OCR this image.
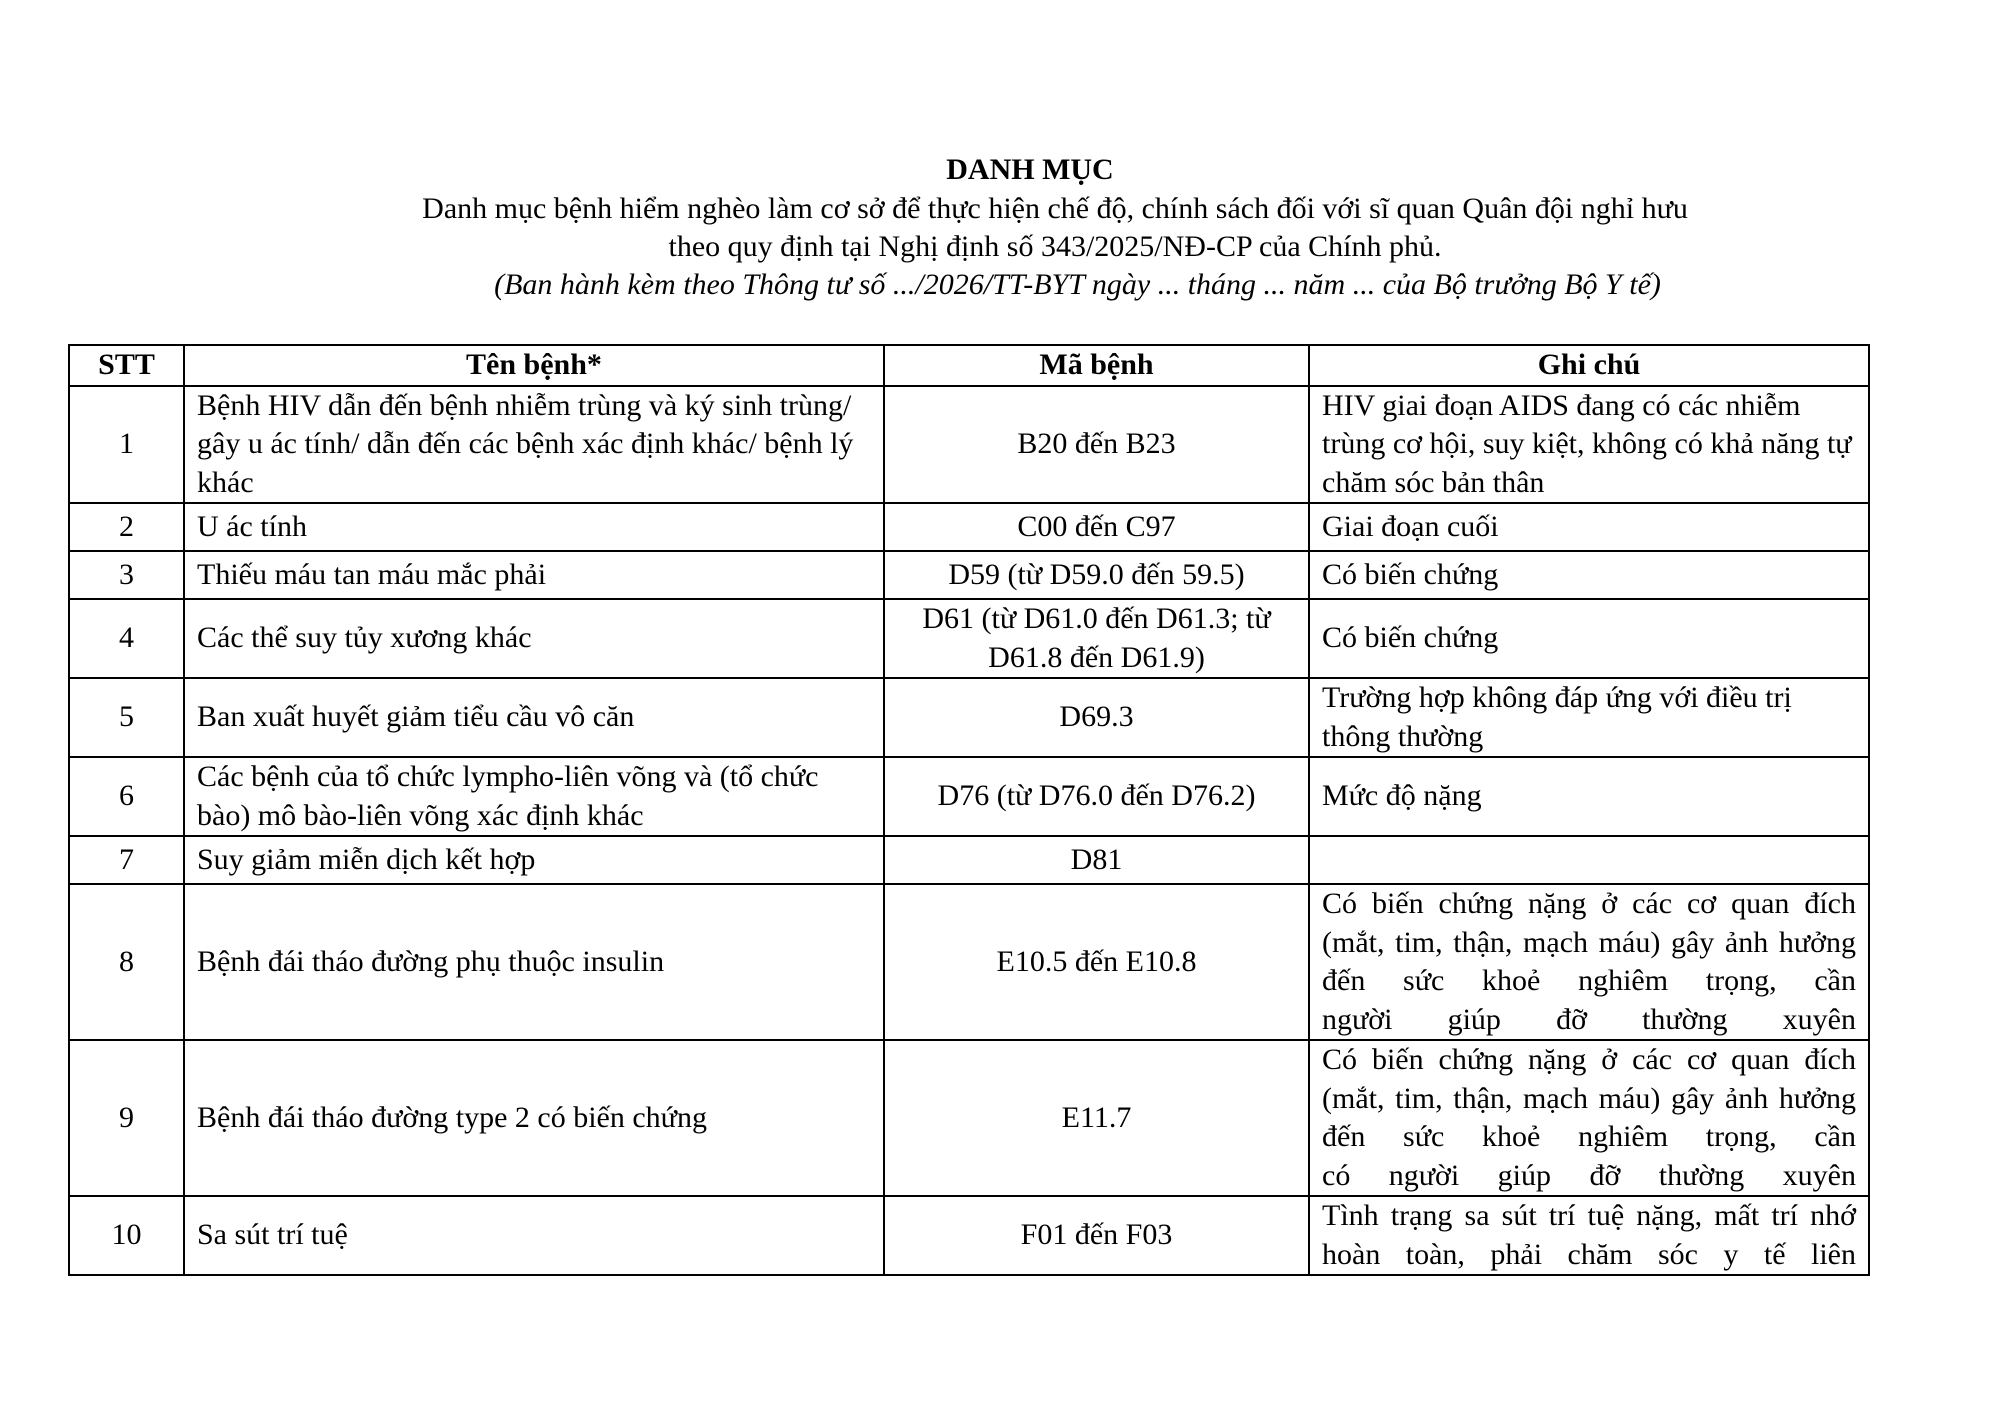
DANH MỤC
Danh mục bệnh hiểm nghèo làm cơ sở để thực hiện chế độ, chính sách đối với sĩ quan Quân đội nghỉ hưu
theo quy định tại Nghị định số 343/2025/NĐ-CP của Chính phủ.
(Ban hành kèm theo Thông tư số .../2026/TT-BYT ngày ... tháng ... năm ... của Bộ trưởng Bộ Y tế)
STT	Tên bệnh*	Mã bệnh	Ghi chú
1	Bệnh HIV dẫn đến bệnh nhiễm trùng và ký sinh trùng/ gây u ác tính/ dẫn đến các bệnh xác định khác/ bệnh lý khác	B20 đến B23	HIV giai đoạn AIDS đang có các nhiễm trùng cơ hội, suy kiệt, không có khả năng tự chăm sóc bản thân
2	U ác tính	C00 đến C97	Giai đoạn cuối
3	Thiếu máu tan máu mắc phải	D59 (từ D59.0 đến 59.5)	Có biến chứng
4	Các thể suy tủy xương khác	D61 (từ D61.0 đến D61.3; từ D61.8 đến D61.9)	Có biến chứng
5	Ban xuất huyết giảm tiểu cầu vô căn	D69.3	Trường hợp không đáp ứng với điều trị thông thường
6	Các bệnh của tổ chức lympho-liên võng và (tổ chức bào) mô bào-liên võng xác định khác	D76 (từ D76.0 đến D76.2)	Mức độ nặng
7	Suy giảm miễn dịch kết hợp	D81	
8	Bệnh đái tháo đường phụ thuộc insulin	E10.5 đến E10.8	Có biến chứng nặng ở các cơ quan đích (mắt, tim, thận, mạch máu) gây ảnh hưởng đến sức khoẻ nghiêm trọng, cần
người giúp đỡ thường xuyên

9	Bệnh đái tháo đường type 2 có biến chứng	E11.7	Có biến chứng nặng ở các cơ quan đích (mắt, tim, thận, mạch máu) gây ảnh hưởng đến sức khoẻ nghiêm trọng, cần
có người giúp đỡ thường xuyên

10	Sa sút trí tuệ	F01 đến F03	Tình trạng sa sút trí tuệ nặng, mất trí nhớ hoàn toàn, phải chăm sóc y tế liên
